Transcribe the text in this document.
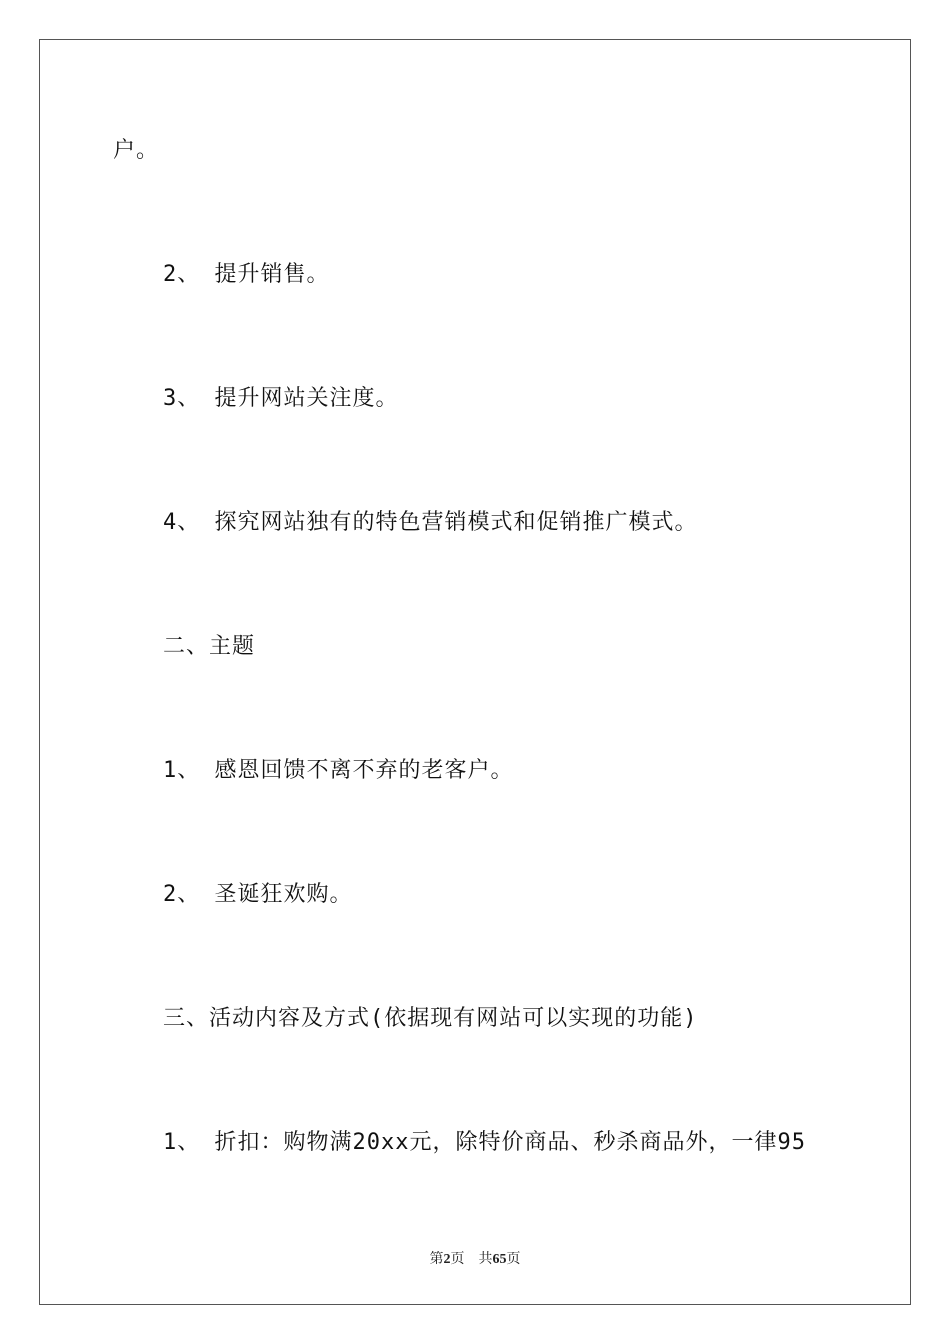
户。
2、 提升销售。
3、 提升网站关注度。
4、 探究网站独有的特色营销模式和促销推广模式。
二、主题
1、 感恩回馈不离不弃的老客户。
2、 圣诞狂欢购。
三、活动内容及方式(依据现有网站可以实现的功能)
1、 折扣：购物满20xx元，除特价商品、秒杀商品外，一律95
第2页　共65页
